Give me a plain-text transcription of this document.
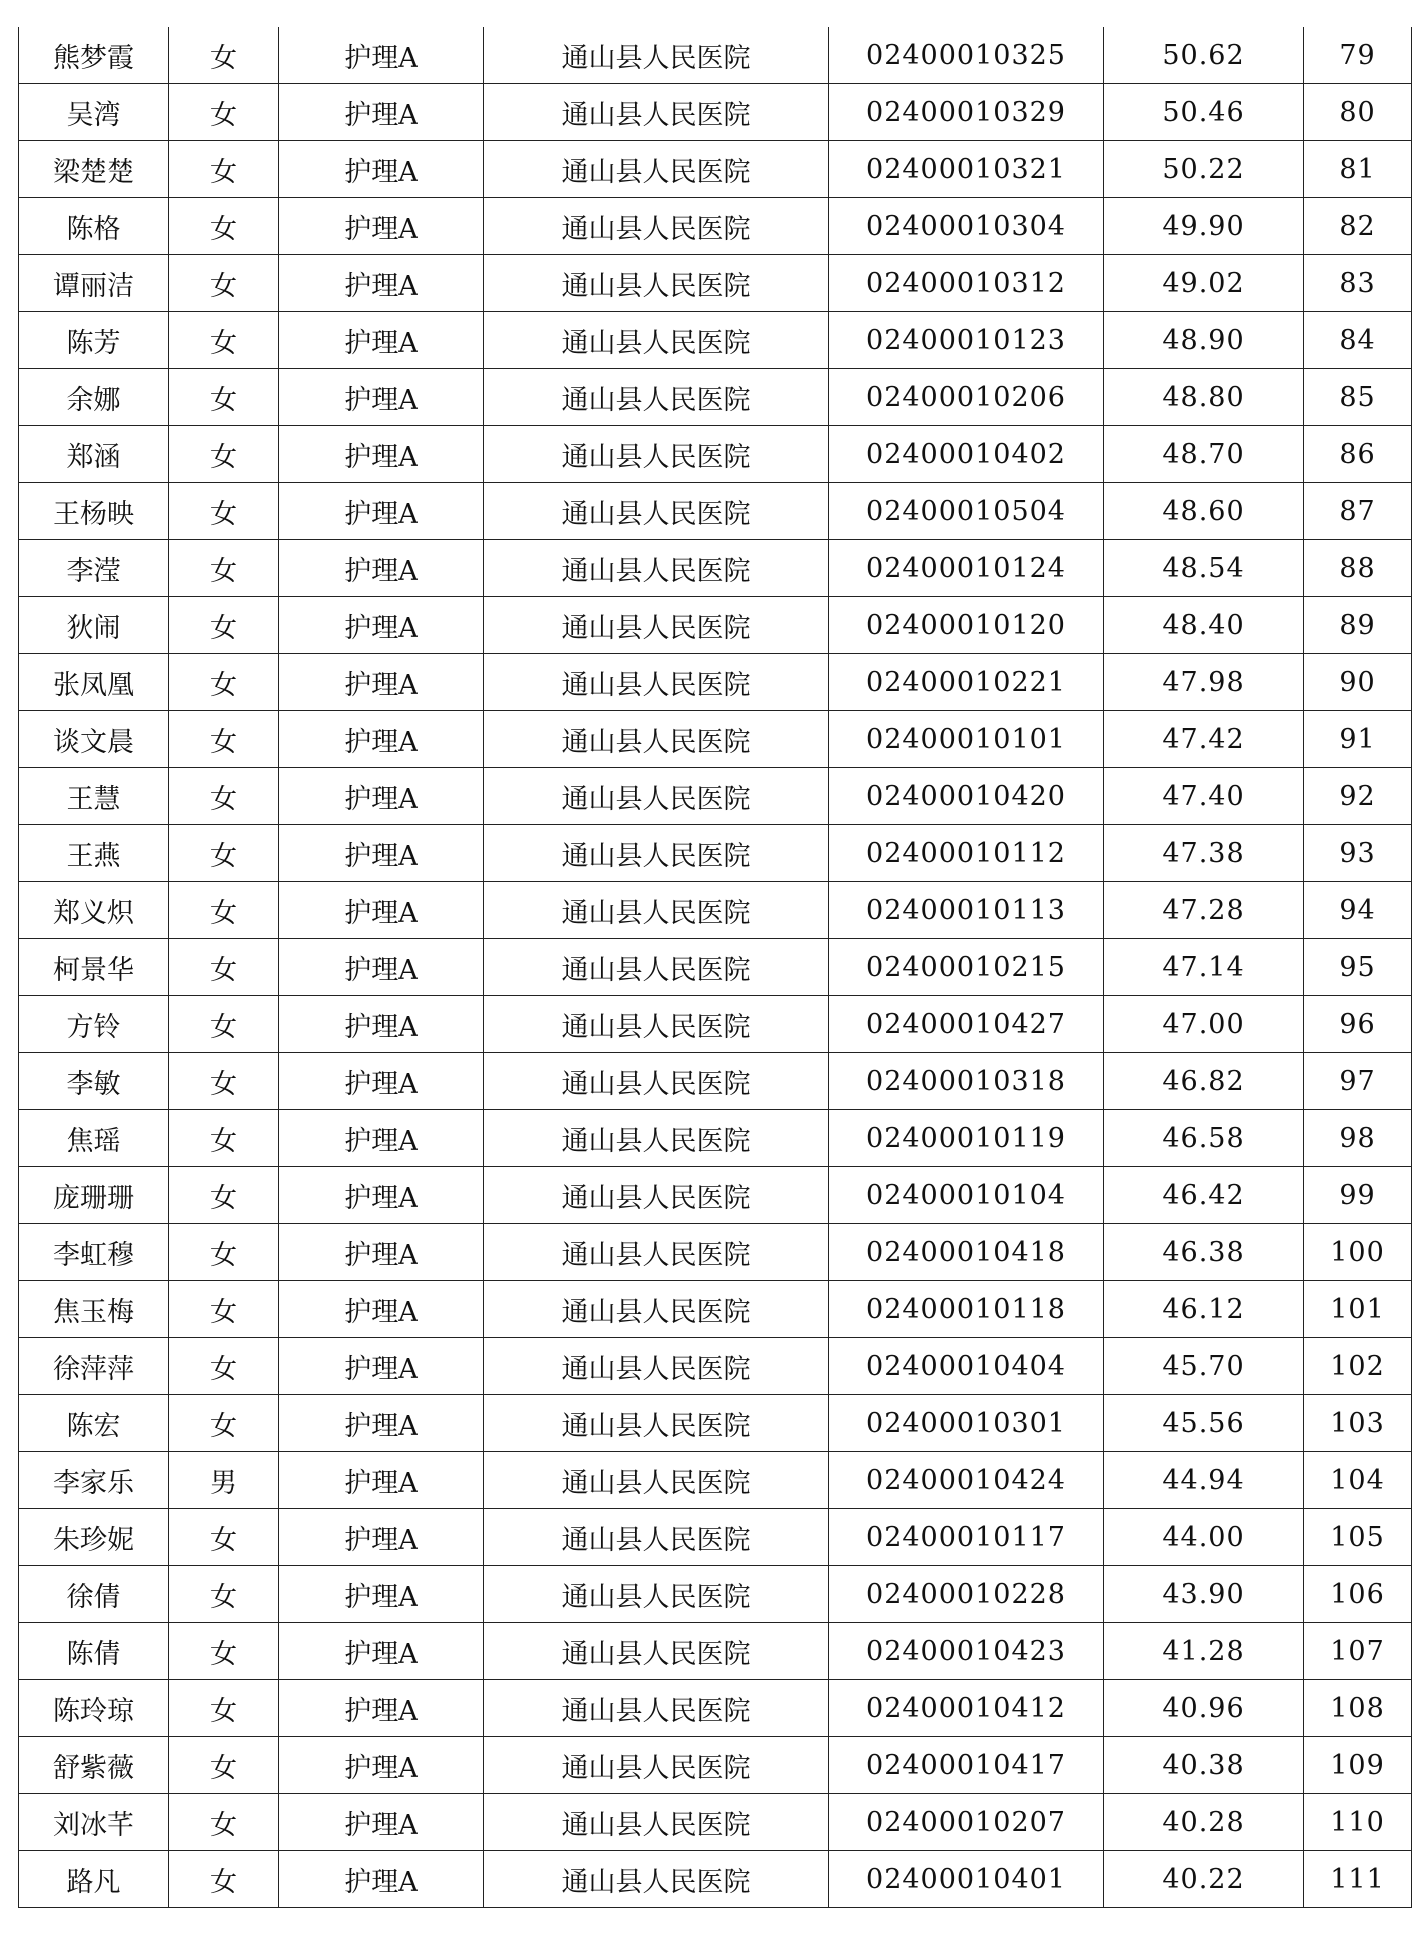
熊梦霞	女	护理A	通山县人民医院	02400010325	50.62	79
吴湾	女	护理A	通山县人民医院	02400010329	50.46	80
梁楚楚	女	护理A	通山县人民医院	02400010321	50.22	81
陈格	女	护理A	通山县人民医院	02400010304	49.90	82
谭丽洁	女	护理A	通山县人民医院	02400010312	49.02	83
陈芳	女	护理A	通山县人民医院	02400010123	48.90	84
余娜	女	护理A	通山县人民医院	02400010206	48.80	85
郑涵	女	护理A	通山县人民医院	02400010402	48.70	86
王杨映	女	护理A	通山县人民医院	02400010504	48.60	87
李滢	女	护理A	通山县人民医院	02400010124	48.54	88
狄闹	女	护理A	通山县人民医院	02400010120	48.40	89
张凤凰	女	护理A	通山县人民医院	02400010221	47.98	90
谈文晨	女	护理A	通山县人民医院	02400010101	47.42	91
王慧	女	护理A	通山县人民医院	02400010420	47.40	92
王燕	女	护理A	通山县人民医院	02400010112	47.38	93
郑义炽	女	护理A	通山县人民医院	02400010113	47.28	94
柯景华	女	护理A	通山县人民医院	02400010215	47.14	95
方铃	女	护理A	通山县人民医院	02400010427	47.00	96
李敏	女	护理A	通山县人民医院	02400010318	46.82	97
焦瑶	女	护理A	通山县人民医院	02400010119	46.58	98
庞珊珊	女	护理A	通山县人民医院	02400010104	46.42	99
李虹穆	女	护理A	通山县人民医院	02400010418	46.38	100
焦玉梅	女	护理A	通山县人民医院	02400010118	46.12	101
徐萍萍	女	护理A	通山县人民医院	02400010404	45.70	102
陈宏	女	护理A	通山县人民医院	02400010301	45.56	103
李家乐	男	护理A	通山县人民医院	02400010424	44.94	104
朱珍妮	女	护理A	通山县人民医院	02400010117	44.00	105
徐倩	女	护理A	通山县人民医院	02400010228	43.90	106
陈倩	女	护理A	通山县人民医院	02400010423	41.28	107
陈玲琼	女	护理A	通山县人民医院	02400010412	40.96	108
舒紫薇	女	护理A	通山县人民医院	02400010417	40.38	109
刘冰芊	女	护理A	通山县人民医院	02400010207	40.28	110
路凡	女	护理A	通山县人民医院	02400010401	40.22	111
